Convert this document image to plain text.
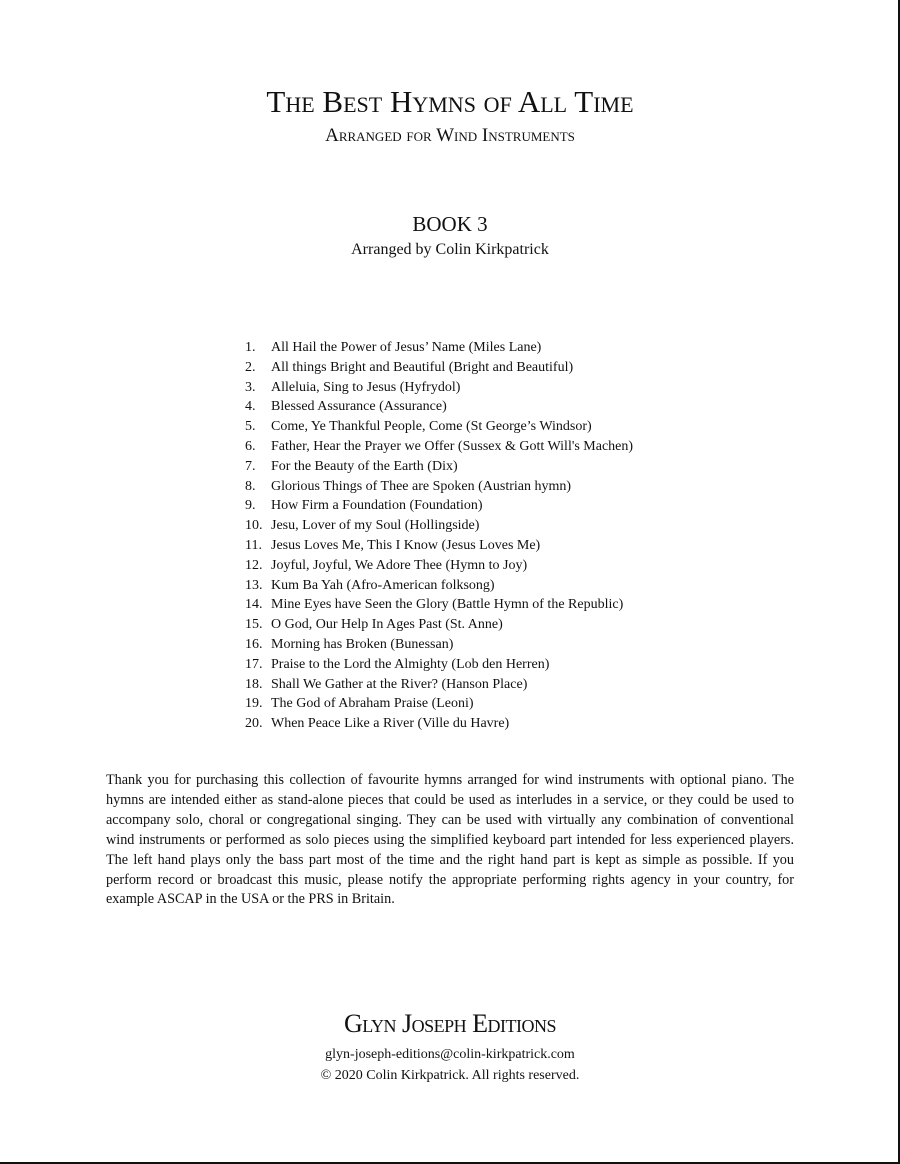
The Best Hymns of All Time
Arranged for Wind Instruments
BOOK 3
Arranged by Colin Kirkpatrick
1.	All Hail the Power of Jesus’ Name (Miles Lane)
2.	All things Bright and Beautiful (Bright and Beautiful)
3.	Alleluia, Sing to Jesus (Hyfrydol)
4.	Blessed Assurance (Assurance)
5.	Come, Ye Thankful People, Come (St George’s Windsor)
6.	Father, Hear the Prayer we Offer (Sussex & Gott Will's Machen)
7.	For the Beauty of the Earth (Dix)
8.	Glorious Things of Thee are Spoken (Austrian hymn)
9.	How Firm a Foundation (Foundation)
10. Jesu, Lover of my Soul (Hollingside)
11. Jesus Loves Me, This I Know (Jesus Loves Me)
12. Joyful, Joyful, We Adore Thee (Hymn to Joy)
13. Kum Ba Yah (Afro-American folksong)
14. Mine Eyes have Seen the Glory (Battle Hymn of the Republic)
15. O God, Our Help In Ages Past (St. Anne)
16. Morning has Broken (Bunessan)
17. Praise to the Lord the Almighty (Lob den Herren)
18. Shall We Gather at the River? (Hanson Place)
19. The God of Abraham Praise (Leoni)
20. When Peace Like a River (Ville du Havre)

Thank you for purchasing this collection of favourite hymns arranged for wind instruments with optional piano. The hymns are intended either as stand-alone pieces that could be used as interludes in a service, or they could be used to accompany solo, choral or congregational singing. They can be used with virtually any combination of conventional wind instruments or performed as solo pieces using the simplified keyboard part intended for less experienced players. The left hand plays only the bass part most of the time and the right hand part is kept as simple as possible. If you perform record or broadcast this music, please notify the appropriate performing rights agency in your country, for example ASCAP in the USA or the PRS in Britain.

Glyn Joseph Editions
glyn-joseph-editions@colin-kirkpatrick.com
© 2020 Colin Kirkpatrick. All rights reserved.
